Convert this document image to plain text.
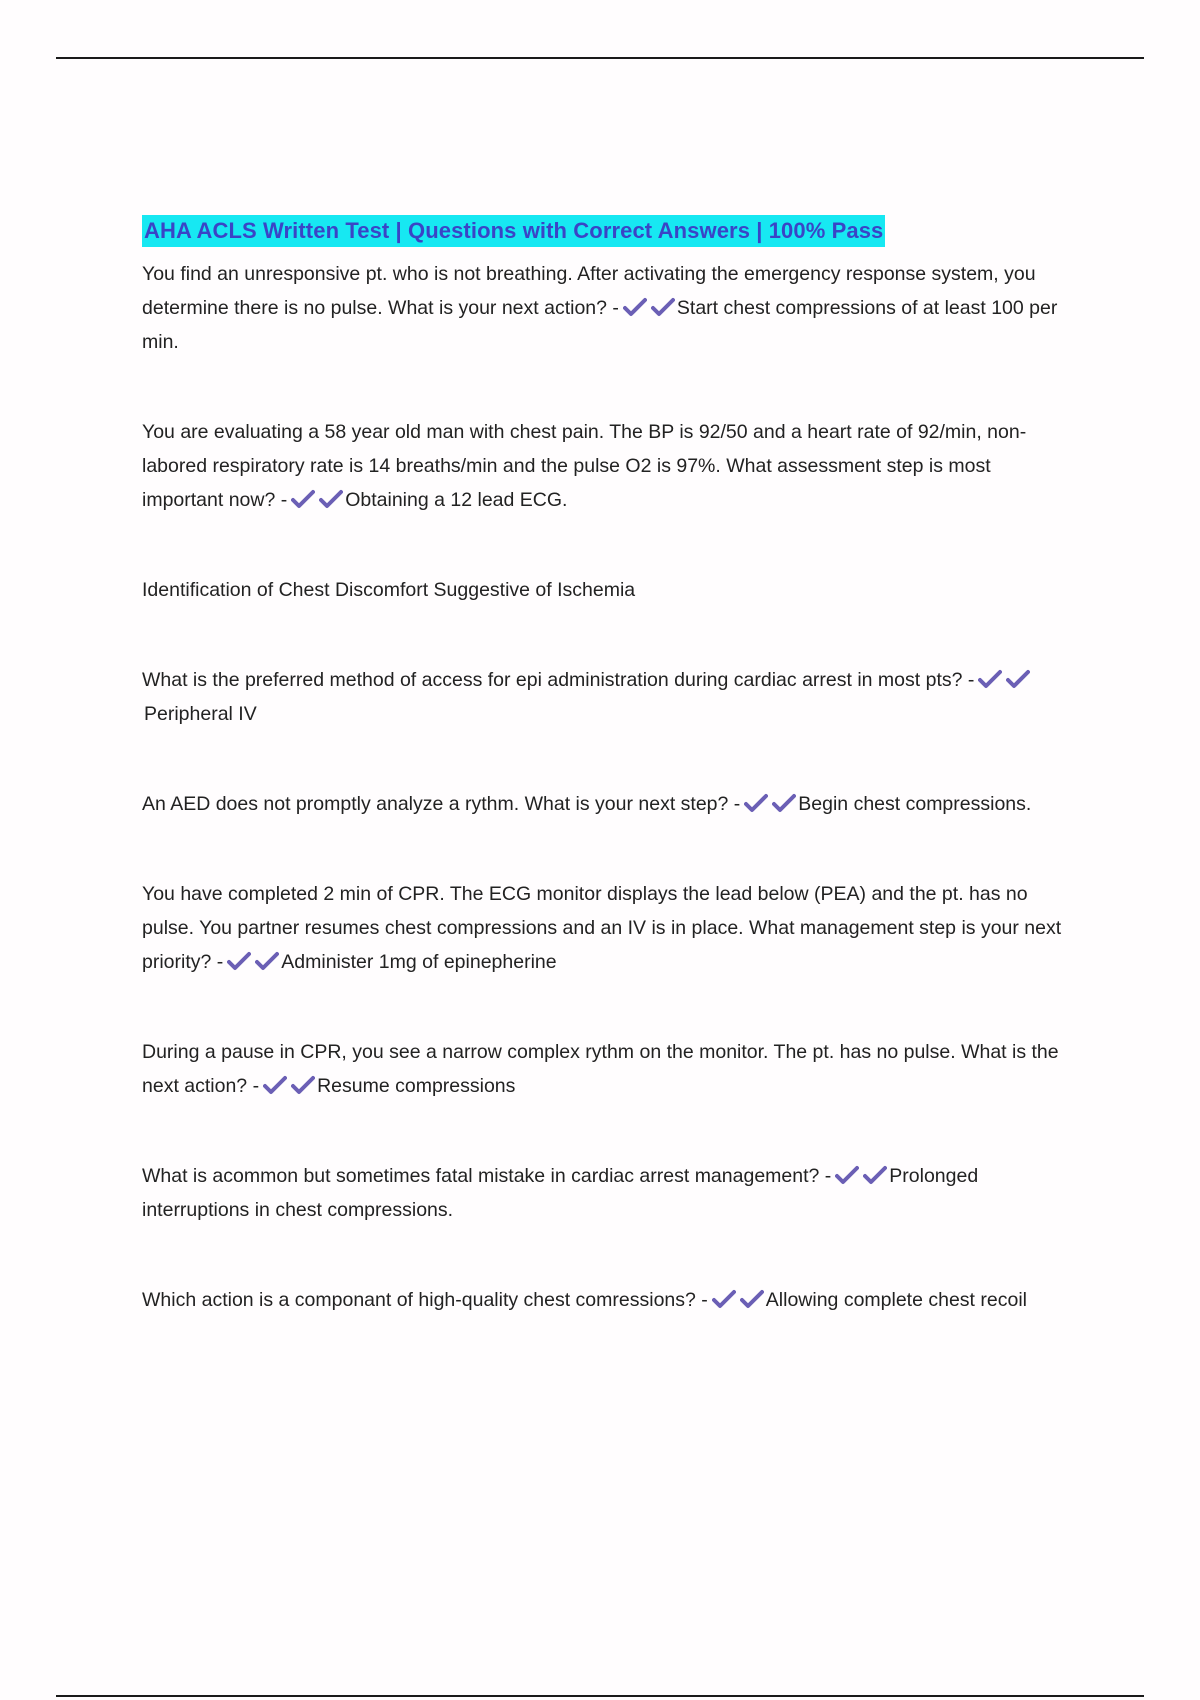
AHA ACLS Written Test | Questions with Correct Answers | 100% Pass

You find an unresponsive pt. who is not breathing. After activating the emergency response system, you determine there is no pulse. What is your next action? -	Start chest compressions of at least 100 per min.

You are evaluating a 58 year old man with chest pain. The BP is 92/50 and a heart rate of 92/min, non-labored respiratory rate is 14 breaths/min and the pulse O2 is 97%. What assessment step is most important now? -	Obtaining a 12 lead ECG.

Identification of Chest Discomfort Suggestive of Ischemia

What is the preferred method of access for epi administration during cardiac arrest in most pts? -
Peripheral IV

An AED does not promptly analyze a rythm. What is your next step? -	Begin chest compressions.

You have completed 2 min of CPR. The ECG monitor displays the lead below (PEA) and the pt. has no pulse. You partner resumes chest compressions and an IV is in place. What management step is your next priority? -	Administer 1mg of epinepherine

During a pause in CPR, you see a narrow complex rythm on the monitor. The pt. has no pulse. What is the next action? -	Resume compressions

What is acommon but sometimes fatal mistake in cardiac arrest management? -	Prolonged interruptions in chest compressions.

Which action is a componant of high-quality chest comressions? -	Allowing complete chest recoil
